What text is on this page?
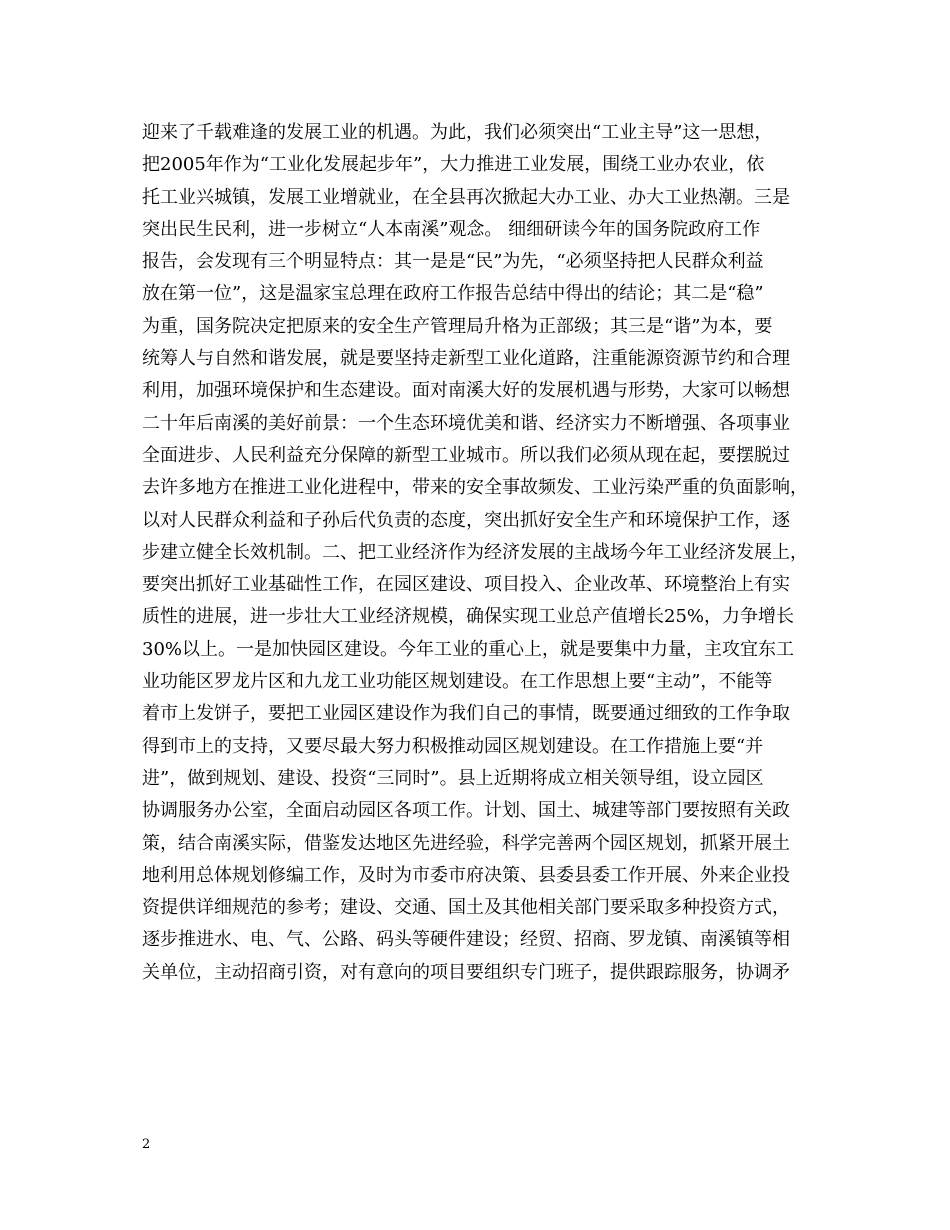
迎来了千载难逢的发展工业的机遇。为此，我们必须突出“工业主导”这一思想，
把2005年作为“工业化发展起步年”，大力推进工业发展，围绕工业办农业，依
托工业兴城镇，发展工业增就业，在全县再次掀起大办工业、办大工业热潮。三是
突出民生民利，进一步树立“人本南溪”观念。 细细研读今年的国务院政府工作
报告，会发现有三个明显特点：其一是是“民”为先，“必须坚持把人民群众利益
放在第一位”，这是温家宝总理在政府工作报告总结中得出的结论；其二是“稳”
为重，国务院决定把原来的安全生产管理局升格为正部级；其三是“谐”为本，要
统筹人与自然和谐发展，就是要坚持走新型工业化道路，注重能源资源节约和合理
利用，加强环境保护和生态建设。面对南溪大好的发展机遇与形势，大家可以畅想
二十年后南溪的美好前景：一个生态环境优美和谐、经济实力不断增强、各项事业
全面进步、人民利益充分保障的新型工业城市。所以我们必须从现在起，要摆脱过
去许多地方在推进工业化进程中，带来的安全事故频发、工业污染严重的负面影响，
以对人民群众利益和子孙后代负责的态度，突出抓好安全生产和环境保护工作，逐
步建立健全长效机制。二、把工业经济作为经济发展的主战场今年工业经济发展上，
要突出抓好工业基础性工作，在园区建设、项目投入、企业改革、环境整治上有实
质性的进展，进一步壮大工业经济规模，确保实现工业总产值增长25%，力争增长
30%以上。一是加快园区建设。今年工业的重心上，就是要集中力量，主攻宜东工
业功能区罗龙片区和九龙工业功能区规划建设。在工作思想上要“主动”，不能等
着市上发饼子，要把工业园区建设作为我们自己的事情，既要通过细致的工作争取
得到市上的支持，又要尽最大努力积极推动园区规划建设。在工作措施上要“并
进”，做到规划、建设、投资“三同时”。县上近期将成立相关领导组，设立园区
协调服务办公室，全面启动园区各项工作。计划、国土、城建等部门要按照有关政
策，结合南溪实际，借鉴发达地区先进经验，科学完善两个园区规划，抓紧开展土
地利用总体规划修编工作，及时为市委市府决策、县委县委工作开展、外来企业投
资提供详细规范的参考；建设、交通、国土及其他相关部门要采取多种投资方式，
逐步推进水、电、气、公路、码头等硬件建设；经贸、招商、罗龙镇、南溪镇等相
关单位，主动招商引资，对有意向的项目要组织专门班子，提供跟踪服务，协调矛
2
